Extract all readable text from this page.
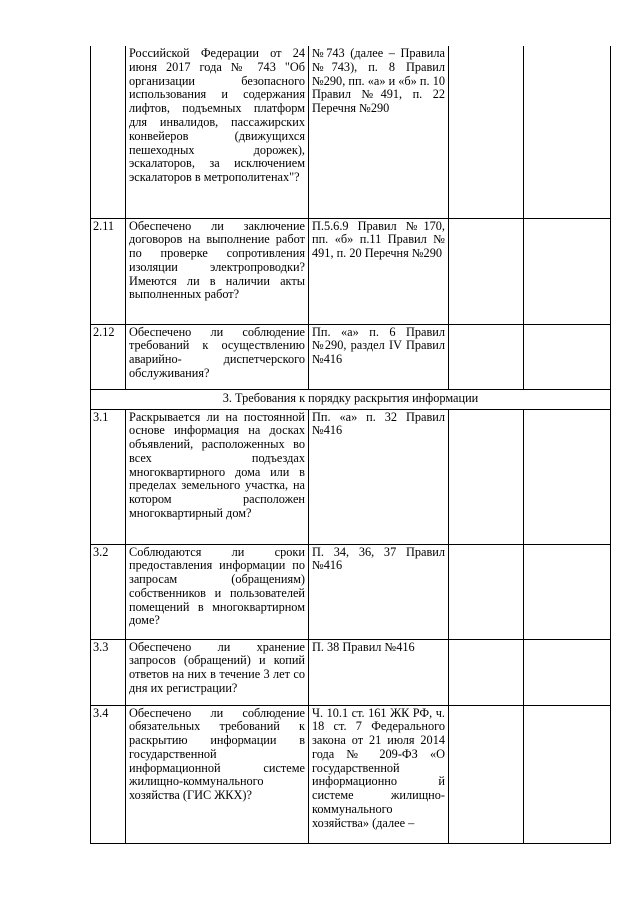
	Российской Федерации от 24 июня 2017 года № 743 "Об организации безопасного использования и содержания лифтов, подъемных платформ для инвалидов, пассажирских конвейеров (движущихся пешеходных дорожек), эскалаторов, за исключением эскалаторов в метрополитенах"?	№743 (далее – Правила №743), п. 8 Правил №290, пп. «а» и «б» п. 10 Правил №491, п. 22 Перечня №290		
2.11	Обеспечено ли заключение договоров на выполнение работ по проверке сопротивления изоляции электропроводки? Имеются ли в наличии акты выполненных работ?	П.5.6.9 Правил №170, пп. «б» п.11 Правил № 491, п. 20 Перечня №290		
2.12	Обеспечено ли соблюдение требований к осуществлению аварийно- диспетчерского обслуживания?	Пп. «а» п. 6 Правил №290, раздел IV Правил №416		
3. Требования к порядку раскрытия информации				
3.1	Раскрывается ли на постоянной основе информация на досках объявлений, расположенных во всех подъездах многоквартирного дома или в пределах земельного участка, на котором расположен многоквартирный дом?	Пп. «а» п. 32 Правил №416		
3.2	Соблюдаются ли сроки предоставления информации по запросам (обращениям) собственников и пользователей помещений в многоквартирном доме?	П. 34, 36, 37 Правил №416		
3.3	Обеспечено ли хранение запросов (обращений) и копий ответов на них в течение 3 лет со дня их регистрации?	П. 38 Правил №416		
3.4	Обеспечено ли соблюдение обязательных требований к раскрытию информации в государственной информационной системе жилищно-коммунального хозяйства (ГИС ЖКХ)?	Ч. 10.1 ст. 161 ЖК РФ, ч. 18 ст. 7 Федерального закона от 21 июля 2014 года № 209-ФЗ «О государственной информационно й системе жилищно-коммунального хозяйства» (далее –		
